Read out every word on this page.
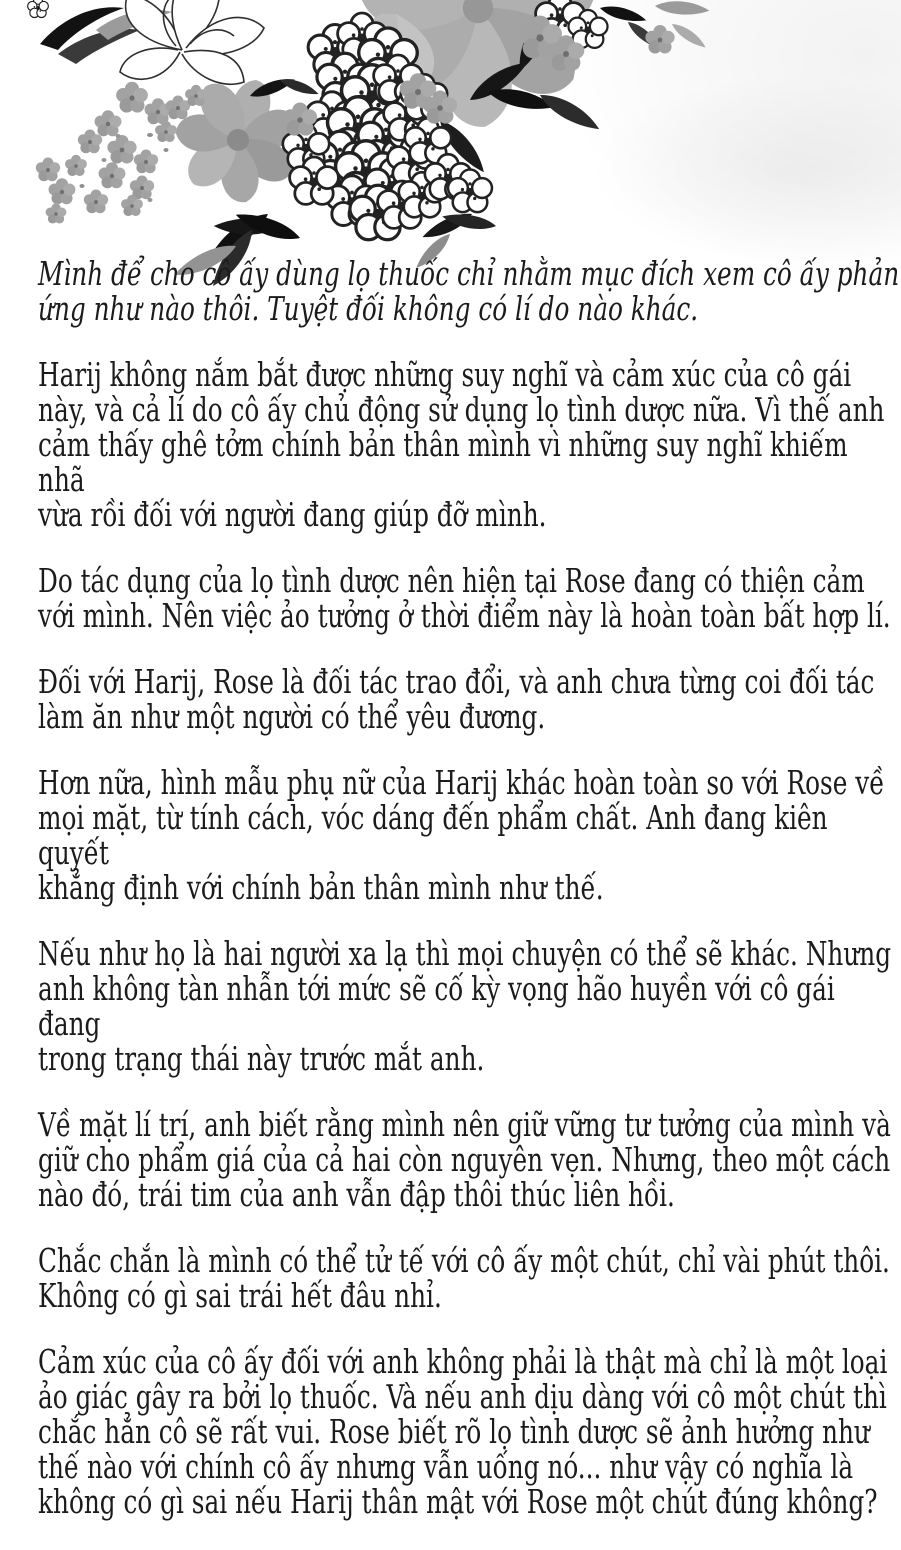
Mình để cho cô ấy dùng lọ thuốc chỉ nhằm mục đích xem cô ấy phản
ứng như nào thôi. Tuyệt đối không có lí do nào khác.

Harij không nắm bắt được những suy nghĩ và cảm xúc của cô gái
này, và cả lí do cô ấy chủ động sử dụng lọ tình dược nữa. Vì thế anh
cảm thấy ghê tởm chính bản thân mình vì những suy nghĩ khiếm nhã
vừa rồi đối với người đang giúp đỡ mình.

Do tác dụng của lọ tình dược nên hiện tại Rose đang có thiện cảm
với mình. Nên việc ảo tưởng ở thời điểm này là hoàn toàn bất hợp lí.

Đối với Harij, Rose là đối tác trao đổi, và anh chưa từng coi đối tác
làm ăn như một người có thể yêu đương.

Hơn nữa, hình mẫu phụ nữ của Harij khác hoàn toàn so với Rose về
mọi mặt, từ tính cách, vóc dáng đến phẩm chất. Anh đang kiên quyết
khẳng định với chính bản thân mình như thế.

Nếu như họ là hai người xa lạ thì mọi chuyện có thể sẽ khác. Nhưng
anh không tàn nhẫn tới mức sẽ cố kỳ vọng hão huyền với cô gái đang
trong trạng thái này trước mắt anh.

Về mặt lí trí, anh biết rằng mình nên giữ vững tư tưởng của mình và
giữ cho phẩm giá của cả hai còn nguyên vẹn. Nhưng, theo một cách
nào đó, trái tim của anh vẫn đập thôi thúc liên hồi.

Chắc chắn là mình có thể tử tế với cô ấy một chút, chỉ vài phút thôi.
Không có gì sai trái hết đâu nhỉ.

Cảm xúc của cô ấy đối với anh không phải là thật mà chỉ là một loại
ảo giác gây ra bởi lọ thuốc. Và nếu anh dịu dàng với cô một chút thì
chắc hẳn cô sẽ rất vui. Rose biết rõ lọ tình dược sẽ ảnh hưởng như
thế nào với chính cô ấy nhưng vẫn uống nó... như vậy có nghĩa là
không có gì sai nếu Harij thân mật với Rose một chút đúng không?
